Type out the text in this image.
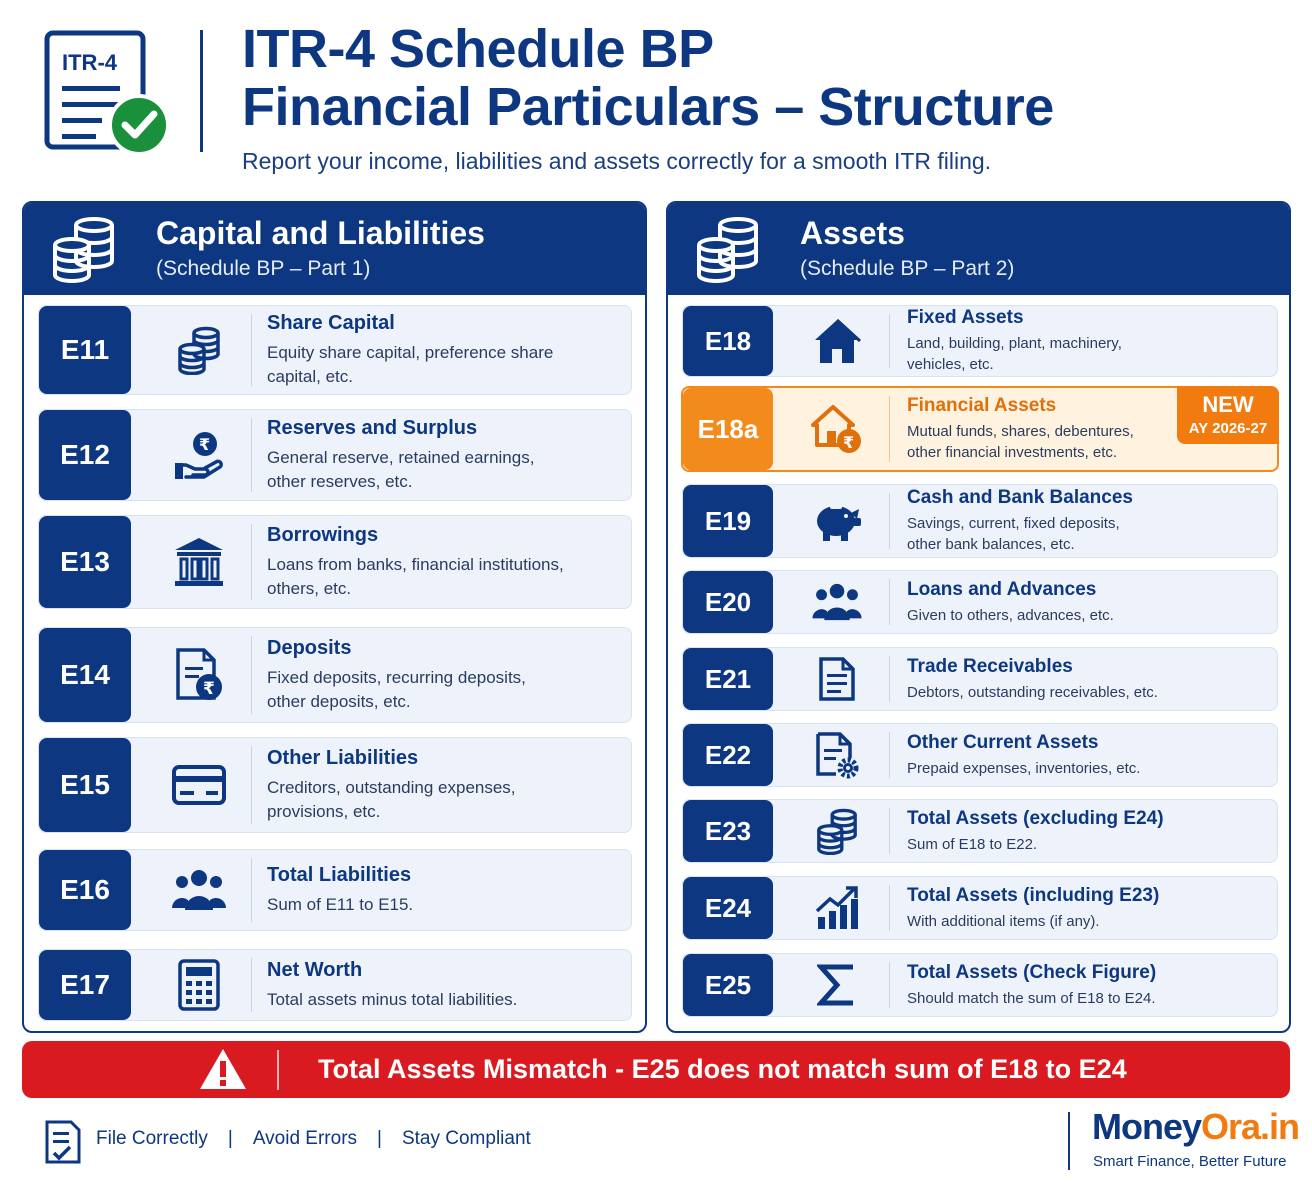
ITR-4 ITR-4 Schedule BP
Financial Particulars – Structure
Report your income, liabilities and assets correctly for a smooth ITR filing.
Capital and Liabilities
(Schedule BP – Part 1)
E11
Share Capital
Equity share capital, preference share
capital, etc.
E12	₹
Reserves and Surplus
General reserve, retained earnings,
other reserves, etc.
E13
Borrowings
Loans from banks, financial institutions,
others, etc.
E14	₹
Deposits
Fixed deposits, recurring deposits,
other deposits, etc.
E15
Other Liabilities
Creditors, outstanding expenses,
provisions, etc.
E16	Total Liabilities
Sum of E11 to E15.
E17	Net Worth
Total assets minus total liabilities.
Assets
(Schedule BP – Part 2)
E18
Fixed Assets
Land, building, plant, machinery,
vehicles, etc.
E18a	₹
Financial Assets
Mutual funds, shares, debentures,
other financial investments, etc.
NEW
AY 2026-27
E19
Cash and Bank Balances
Savings, current, fixed deposits,
other bank balances, etc.
E20	Loans and Advances
Given to others, advances, etc.
E21	Trade Receivables
Debtors, outstanding receivables, etc.
E22	Other Current Assets
Prepaid expenses, inventories, etc.
E23	Total Assets (excluding E24)
Sum of E18 to E22.
E24	Total Assets (including E23)
With additional items (if any).
E25	Total Assets (Check Figure)
Should match the sum of E18 to E24.
Total Assets Mismatch - E25 does not match sum of E18 to E24
File Correctly | Avoid Errors | Stay Compliant	MoneyOra.in
Smart Finance, Better Future
